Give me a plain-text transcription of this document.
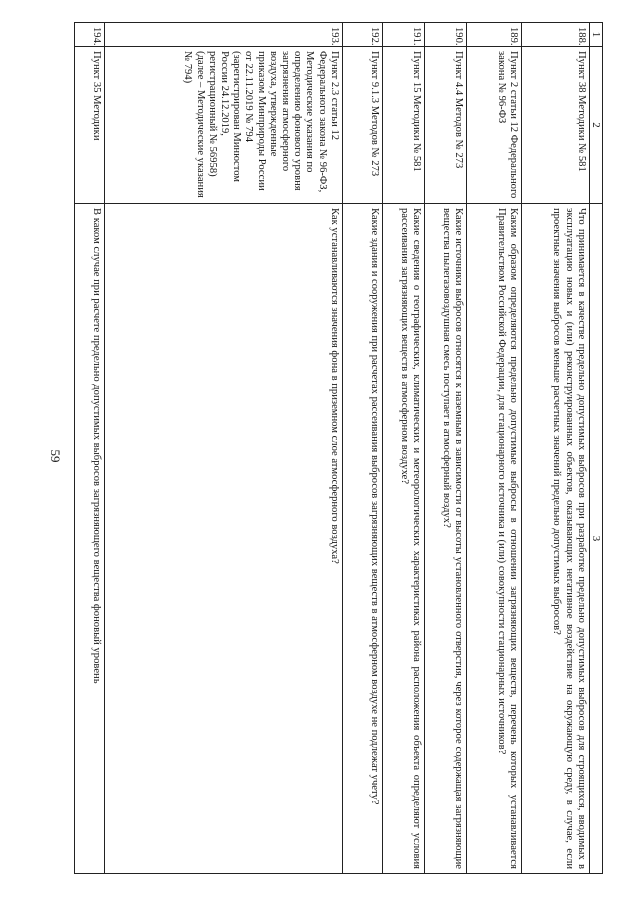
59
1	2	3
188.	Пункт 38 Методики № 581	Что принимается в качестве предельно допустимых выбросов при разработке предельно допустимых выбросов для строящихся, вводимых в эксплуатацию новых и (или) реконструированных объектов, оказывающих негативное воздействие на окружающую среду, в случае, если проектные значения выбросов меньше расчетных значений предельно допустимых выбросов?
189.	Пункт 2 статьи 12 Федерального закона № 96-ФЗ	Каким образом определяются предельно допустимые выбросы в отношении загрязняющих веществ, перечень которых устанавливается Правительством Российской Федерации, для стационарного источника и (или) совокупности стационарных источников?
190.	Пункт 4.4 Методов № 273	Какие источники выбросов относятся к наземным в зависимости от высоты установленного отверстия, через которое содержащая загрязняющие вещества пылегазовоздушная смесь поступает в атмосферный воздух?
191.	Пункт 15 Методики № 581	Какие сведения о географических, климатических и метеорологических характеристиках района расположения объекта определяют условия рассеивания загрязняющих веществ в атмосферном воздухе?
192.	Пункт 9.1.3 Методов № 273	Какие здания и сооружения при расчетах рассеивания выбросов загрязняющих веществ в атмосферном воздухе не подлежат учету?
193.	Пункт 2.3 статьи 12 Федерального закона № 96-ФЗ, Методические указания по определению фонового уровня загрязнения атмосферного воздуха, утвержденные приказом Минприроды России от 22.11.2019 № 794 (зарегистрирован Минюстом России 24.12.2019, регистрационный № 56958) (далее – Методические указания № 794)	Как устанавливаются значения фона в приземном слое атмосферного воздуха?
194.	Пункт 35 Методики	В каком случае при расчете предельно допустимых выбросов загрязняющего вещества фоновый уровень
